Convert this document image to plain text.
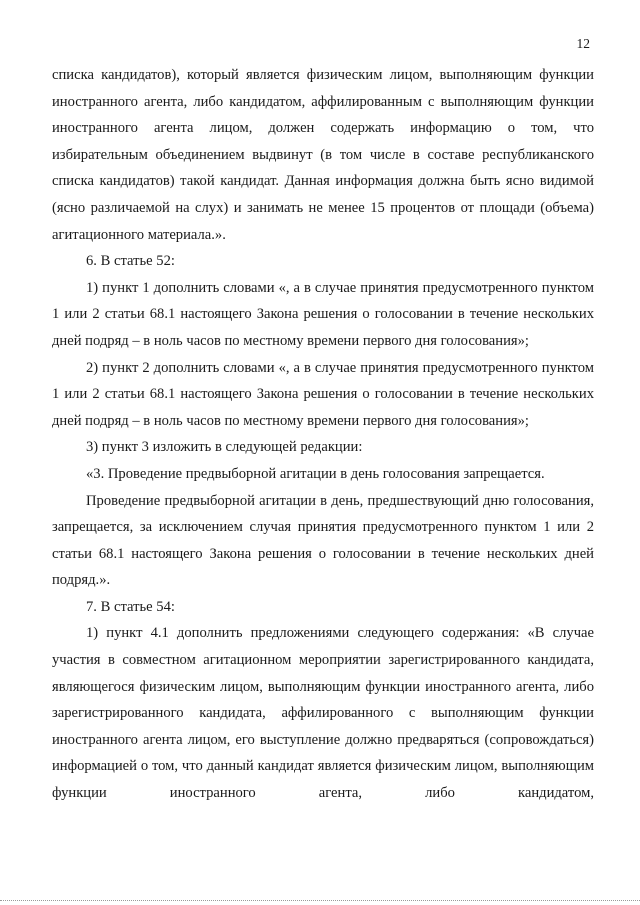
12

списка кандидатов), который является физическим лицом, выполняющим функции иностранного агента, либо кандидатом, аффилированным с выполняющим функции иностранного агента лицом, должен содержать информацию о том, что избирательным объединением выдвинут (в том числе в составе республиканского списка кандидатов) такой кандидат. Данная информация должна быть ясно видимой (ясно различаемой на слух) и занимать не менее 15 процентов от площади (объема) агитационного материала.».

6. В статье 52:

1) пункт 1 дополнить словами «, а в случае принятия предусмотренного пунктом 1 или 2 статьи 68.1 настоящего Закона решения о голосовании в течение нескольких дней подряд – в ноль часов по местному времени первого дня голосования»;

2) пункт 2 дополнить словами «, а в случае принятия предусмотренного пунктом 1 или 2 статьи 68.1 настоящего Закона решения о голосовании в течение нескольких дней подряд – в ноль часов по местному времени первого дня голосования»;

3) пункт 3 изложить в следующей редакции:

«3. Проведение предвыборной агитации в день голосования запрещается.

Проведение предвыборной агитации в день, предшествующий дню голосования, запрещается, за исключением случая принятия предусмотренного пунктом 1 или 2 статьи 68.1 настоящего Закона решения о голосовании в течение нескольких дней подряд.».

7. В статье 54:

1) пункт 4.1 дополнить предложениями следующего содержания: «В случае участия в совместном агитационном мероприятии зарегистрированного кандидата, являющегося физическим лицом, выполняющим функции иностранного агента, либо зарегистрированного кандидата, аффилированного с выполняющим функции иностранного агента лицом, его выступление должно предваряться (сопровождаться) информацией о том, что данный кандидат является физическим лицом, выполняющим функции иностранного агента, либо кандидатом,
